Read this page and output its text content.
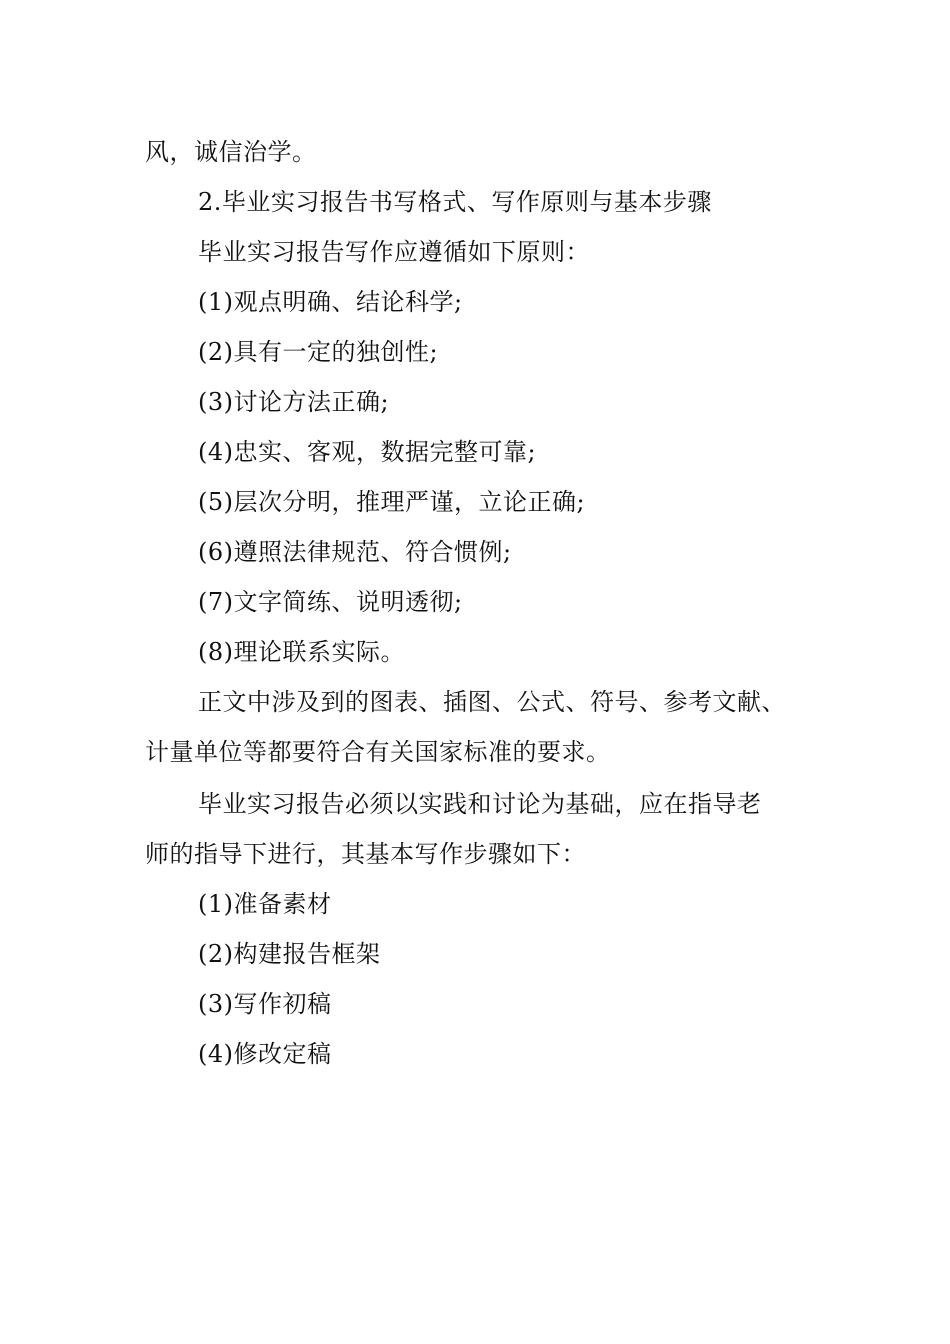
风，诚信治学。
2.毕业实习报告书写格式、写作原则与基本步骤
毕业实习报告写作应遵循如下原则：
(1)观点明确、结论科学;
(2)具有一定的独创性;
(3)讨论方法正确;
(4)忠实、客观，数据完整可靠;
(5)层次分明，推理严谨，立论正确;
(6)遵照法律规范、符合惯例;
(7)文字简练、说明透彻;
(8)理论联系实际。
正文中涉及到的图表、插图、公式、符号、参考文献、
计量单位等都要符合有关国家标准的要求。
毕业实习报告必须以实践和讨论为基础，应在指导老
师的指导下进行，其基本写作步骤如下：
(1)准备素材
(2)构建报告框架
(3)写作初稿
(4)修改定稿
